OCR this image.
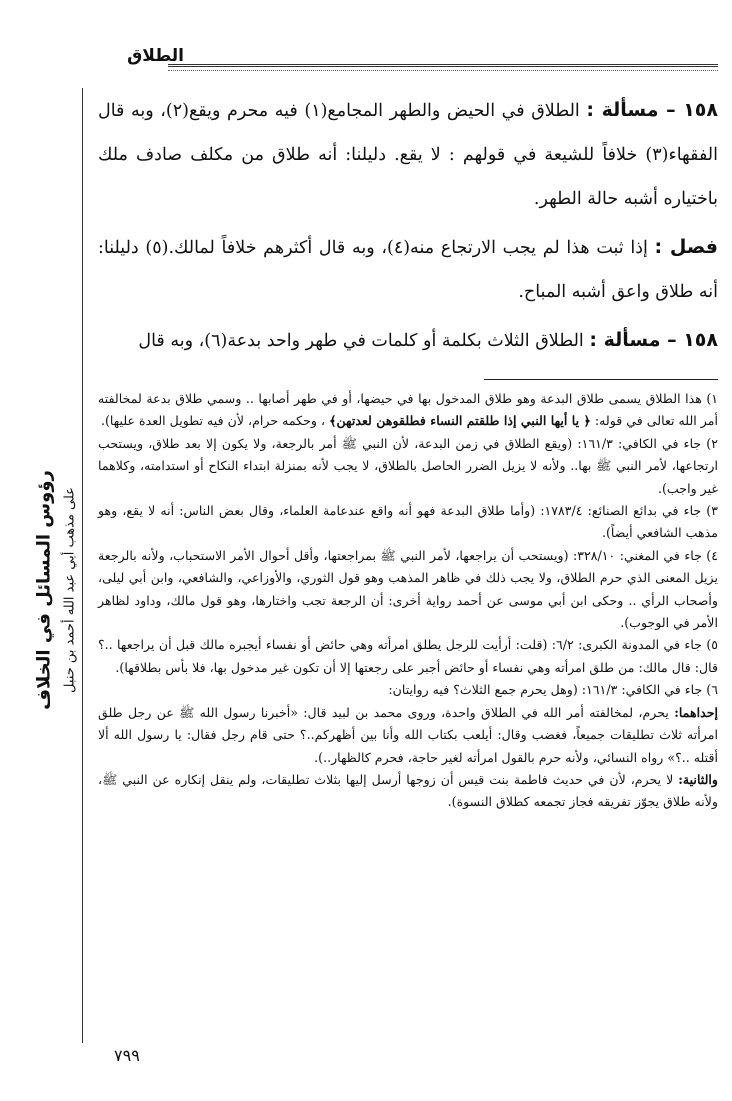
الطلاق
رؤوس المسائل في الخلاف على مذهب أبي عبد الله أحمد بن حنبل

١٥٨ – مسألة : الطلاق في الحيض والطهر المجامع(١) فيه محرم ويقع(٢)، وبه قال الفقهاء(٣) خلافاً للشيعة في قولهم : لا يقع. دليلنا: أنه طلاق من مكلف صادف ملك باختياره أشبه حالة الطهر.

فصل : إذا ثبت هذا لم يجب الارتجاع منه(٤)، وبه قال أكثرهم خلافاً لمالك.(٥) دليلنا: أنه طلاق واعق أشبه المباح.

١٥٨ – مسألة : الطلاق الثلاث بكلمة أو كلمات في طهر واحد بدعة(٦)، وبه قال

١) هذا الطلاق يسمى طلاق البدعة وهو طلاق المدخول بها في حيضها، أو في طهر أصابها .. وسمي طلاق بدعة لمخالفته أمر الله تعالى في قوله: ﴿ يا أيها النبي إذا طلقتم النساء فطلقوهن لعدتهن﴾ ، وحكمه حرام، لأن فيه تطويل العدة عليها).

٢) جاء في الكافي: ١٦١/٣: (ويقع الطلاق في زمن البدعة، لأن النبي ﷺ أمر بالرجعة، ولا يكون إلا بعد طلاق، ويستحب ارتجاعها، لأمر النبي ﷺ بها.. ولأنه لا يزيل الضرر الحاصل بالطلاق، لا يجب لأنه بمنزلة ابتداء النكاح أو استدامته، وكلاهما غير واجب).

٣) جاء في بدائع الصنائع: ١٧٨٣/٤: (وأما طلاق البدعة فهو أنه واقع عندعامة العلماء، وقال بعض الناس: أنه لا يقع، وهو مذهب الشافعي أيضاً).

٤) جاء في المغني: ٣٢٨/١٠: (ويستحب أن يراجعها، لأمر النبي ﷺ بمراجعتها، وأقل أحوال الأمر الاستحباب، ولأنه بالرجعة يزيل المعنى الذي حرم الطلاق، ولا يجب ذلك في ظاهر المذهب وهو قول الثوري، والأوزاعي، والشافعي، وابن أبي ليلى، وأصحاب الرأي .. وحكى ابن أبي موسى عن أحمد رواية أخرى: أن الرجعة تجب واختارها، وهو قول مالك، وداود لظاهر الأمر في الوجوب).

٥) جاء في المدونة الكبرى: ٦/٢: (قلت: أرأيت للرجل يطلق امرأته وهي حائض أو نفساء أيجبره مالك قبل أن يراجعها ..؟ قال: قال مالك: من طلق امرأته وهي نفساء أو حائض أجبر على رجعتها إلا أن تكون غير مدخول بها، فلا بأس بطلاقها).

٦) جاء في الكافي: ١٦١/٣: (وهل يحرم جمع الثلاث؟ فيه روايتان:

إحداهما: يحرم، لمخالفته أمر الله في الطلاق واحدة، وروى محمد بن لبيد قال: «أخبرنا رسول الله ﷺ عن رجل طلق امرأته ثلاث تطليقات جميعاً، فغضب وقال: أيلعب بكتاب الله وأنا بين أظهركم..؟ حتى قام رجل فقال: يا رسول الله ألا أقتله ..؟» رواه النسائي، ولأنه حرم بالقول امرأته لغير حاجة، فحرم كالظهار..).

والثانية: لا يحرم، لأن في حديث فاطمة بنت قيس أن زوجها أرسل إليها بثلاث تطليقات، ولم ينقل إنكاره عن النبي ﷺ، ولأنه طلاق يجوّز تفريقه فجاز تجمعه كطلاق النسوة).

٧٩٩
